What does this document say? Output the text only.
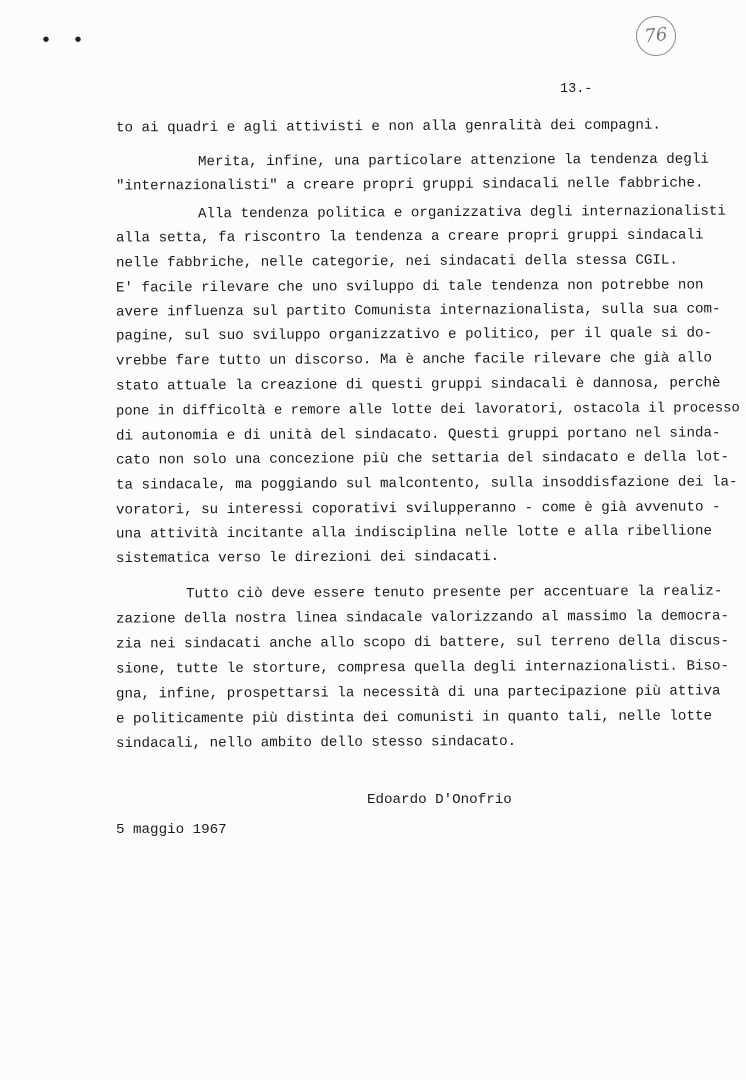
• •	76
13.-
to ai quadri e agli attivisti e non alla genralità dei compagni.
Merita, infine, una particolare attenzione la tendenza degli
"internazionalisti" a creare propri gruppi sindacali nelle fabbriche.
Alla tendenza politica e organizzativa degli internazionalisti
alla setta, fa riscontro la tendenza a creare propri gruppi sindacali
nelle fabbriche, nelle categorie, nei sindacati della stessa CGIL.
E' facile rilevare che uno sviluppo di tale tendenza non potrebbe non
avere influenza sul partito Comunista internazionalista, sulla sua com-
pagine, sul suo sviluppo organizzativo e politico, per il quale si do-
vrebbe fare tutto un discorso. Ma è anche facile rilevare che già allo
stato attuale la creazione di questi gruppi sindacali è dannosa, perchè
pone in difficoltà e remore alle lotte dei lavoratori, ostacola il processo
di autonomia e di unità del sindacato. Questi gruppi portano nel sinda-
cato non solo una concezione più che settaria del sindacato e della lot-
ta sindacale, ma poggiando sul malcontento, sulla insoddisfazione dei la-
voratori, su interessi coporativi svilupperanno - come è già avvenuto -
una attività incitante alla indisciplina nelle lotte e alla ribellione
sistematica verso le direzioni dei sindacati.
Tutto ciò deve essere tenuto presente per accentuare la realiz-
zazione della nostra linea sindacale valorizzando al massimo la democra-
zia nei sindacati anche allo scopo di battere, sul terreno della discus-
sione, tutte le storture, compresa quella degli internazionalisti. Biso-
gna, infine, prospettarsi la necessità di una partecipazione più attiva
e politicamente più distinta dei comunisti in quanto tali, nelle lotte
sindacali, nello ambito dello stesso sindacato.
Edoardo D'Onofrio
5 maggio 1967
